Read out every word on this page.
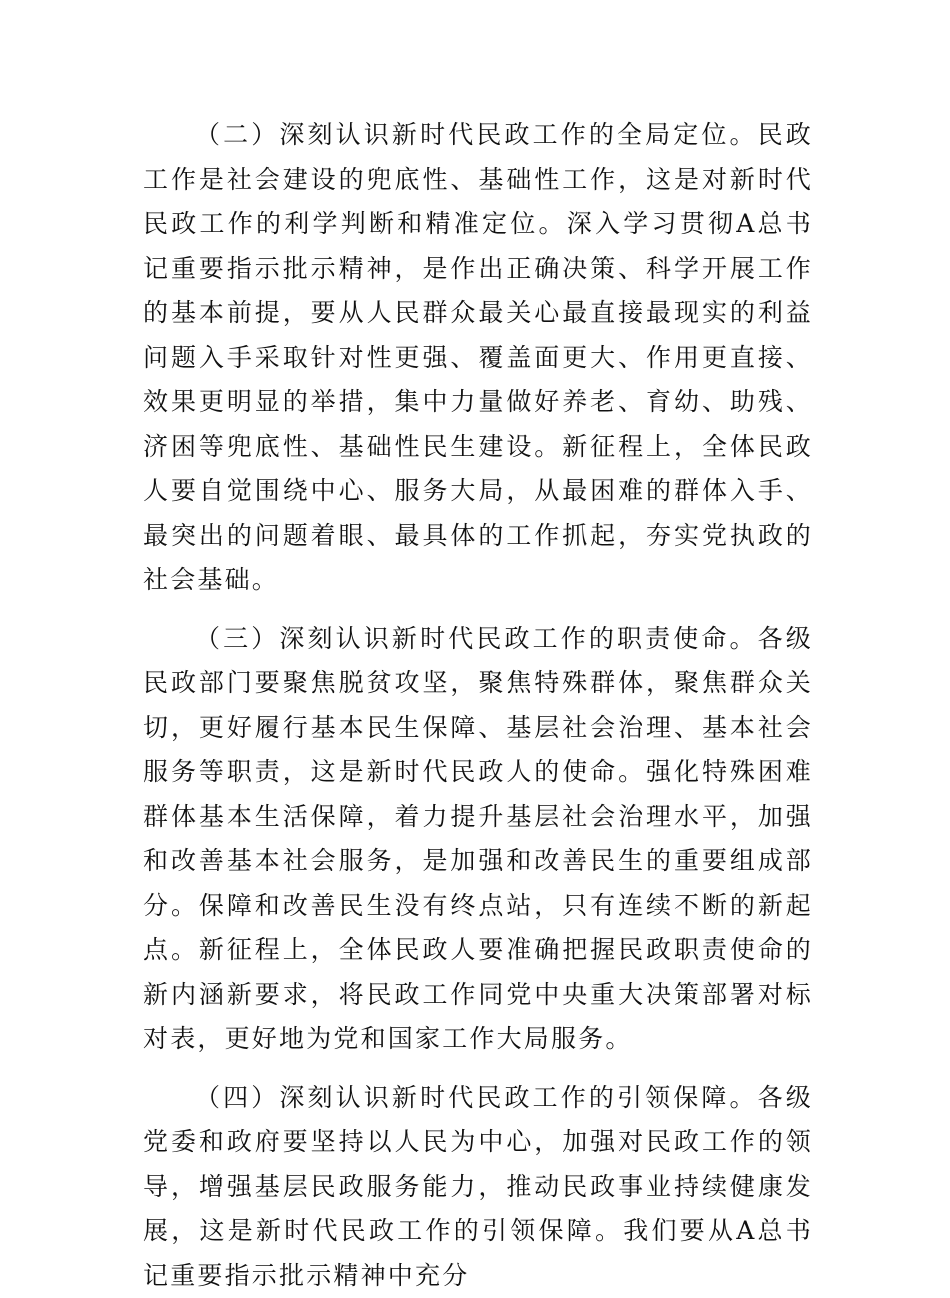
（二）深刻认识新时代民政工作的全局定位。民政工作是社会建设的兜底性、基础性工作，这是对新时代民政工作的利学判断和精准定位。深入学习贯彻A总书记重要指示批示精神，是作出正确决策、科学开展工作的基本前提，要从人民群众最关心最直接最现实的利益问题入手采取针对性更强、覆盖面更大、作用更直接、效果更明显的举措，集中力量做好养老、育幼、助残、济困等兜底性、基础性民生建设。新征程上，全体民政人要自觉围绕中心、服务大局，从最困难的群体入手、最突出的问题着眼、最具体的工作抓起，夯实党执政的社会基础。

（三）深刻认识新时代民政工作的职责使命。各级民政部门要聚焦脱贫攻坚，聚焦特殊群体，聚焦群众关切，更好履行基本民生保障、基层社会治理、基本社会服务等职责，这是新时代民政人的使命。强化特殊困难群体基本生活保障，着力提升基层社会治理水平，加强和改善基本社会服务，是加强和改善民生的重要组成部分。保障和改善民生没有终点站，只有连续不断的新起点。新征程上，全体民政人要准确把握民政职责使命的新内涵新要求，将民政工作同党中央重大决策部署对标对表，更好地为党和国家工作大局服务。

（四）深刻认识新时代民政工作的引领保障。各级党委和政府要坚持以人民为中心，加强对民政工作的领导，增强基层民政服务能力，推动民政事业持续健康发展，这是新时代民政工作的引领保障。我们要从A总书记重要指示批示精神中充分
